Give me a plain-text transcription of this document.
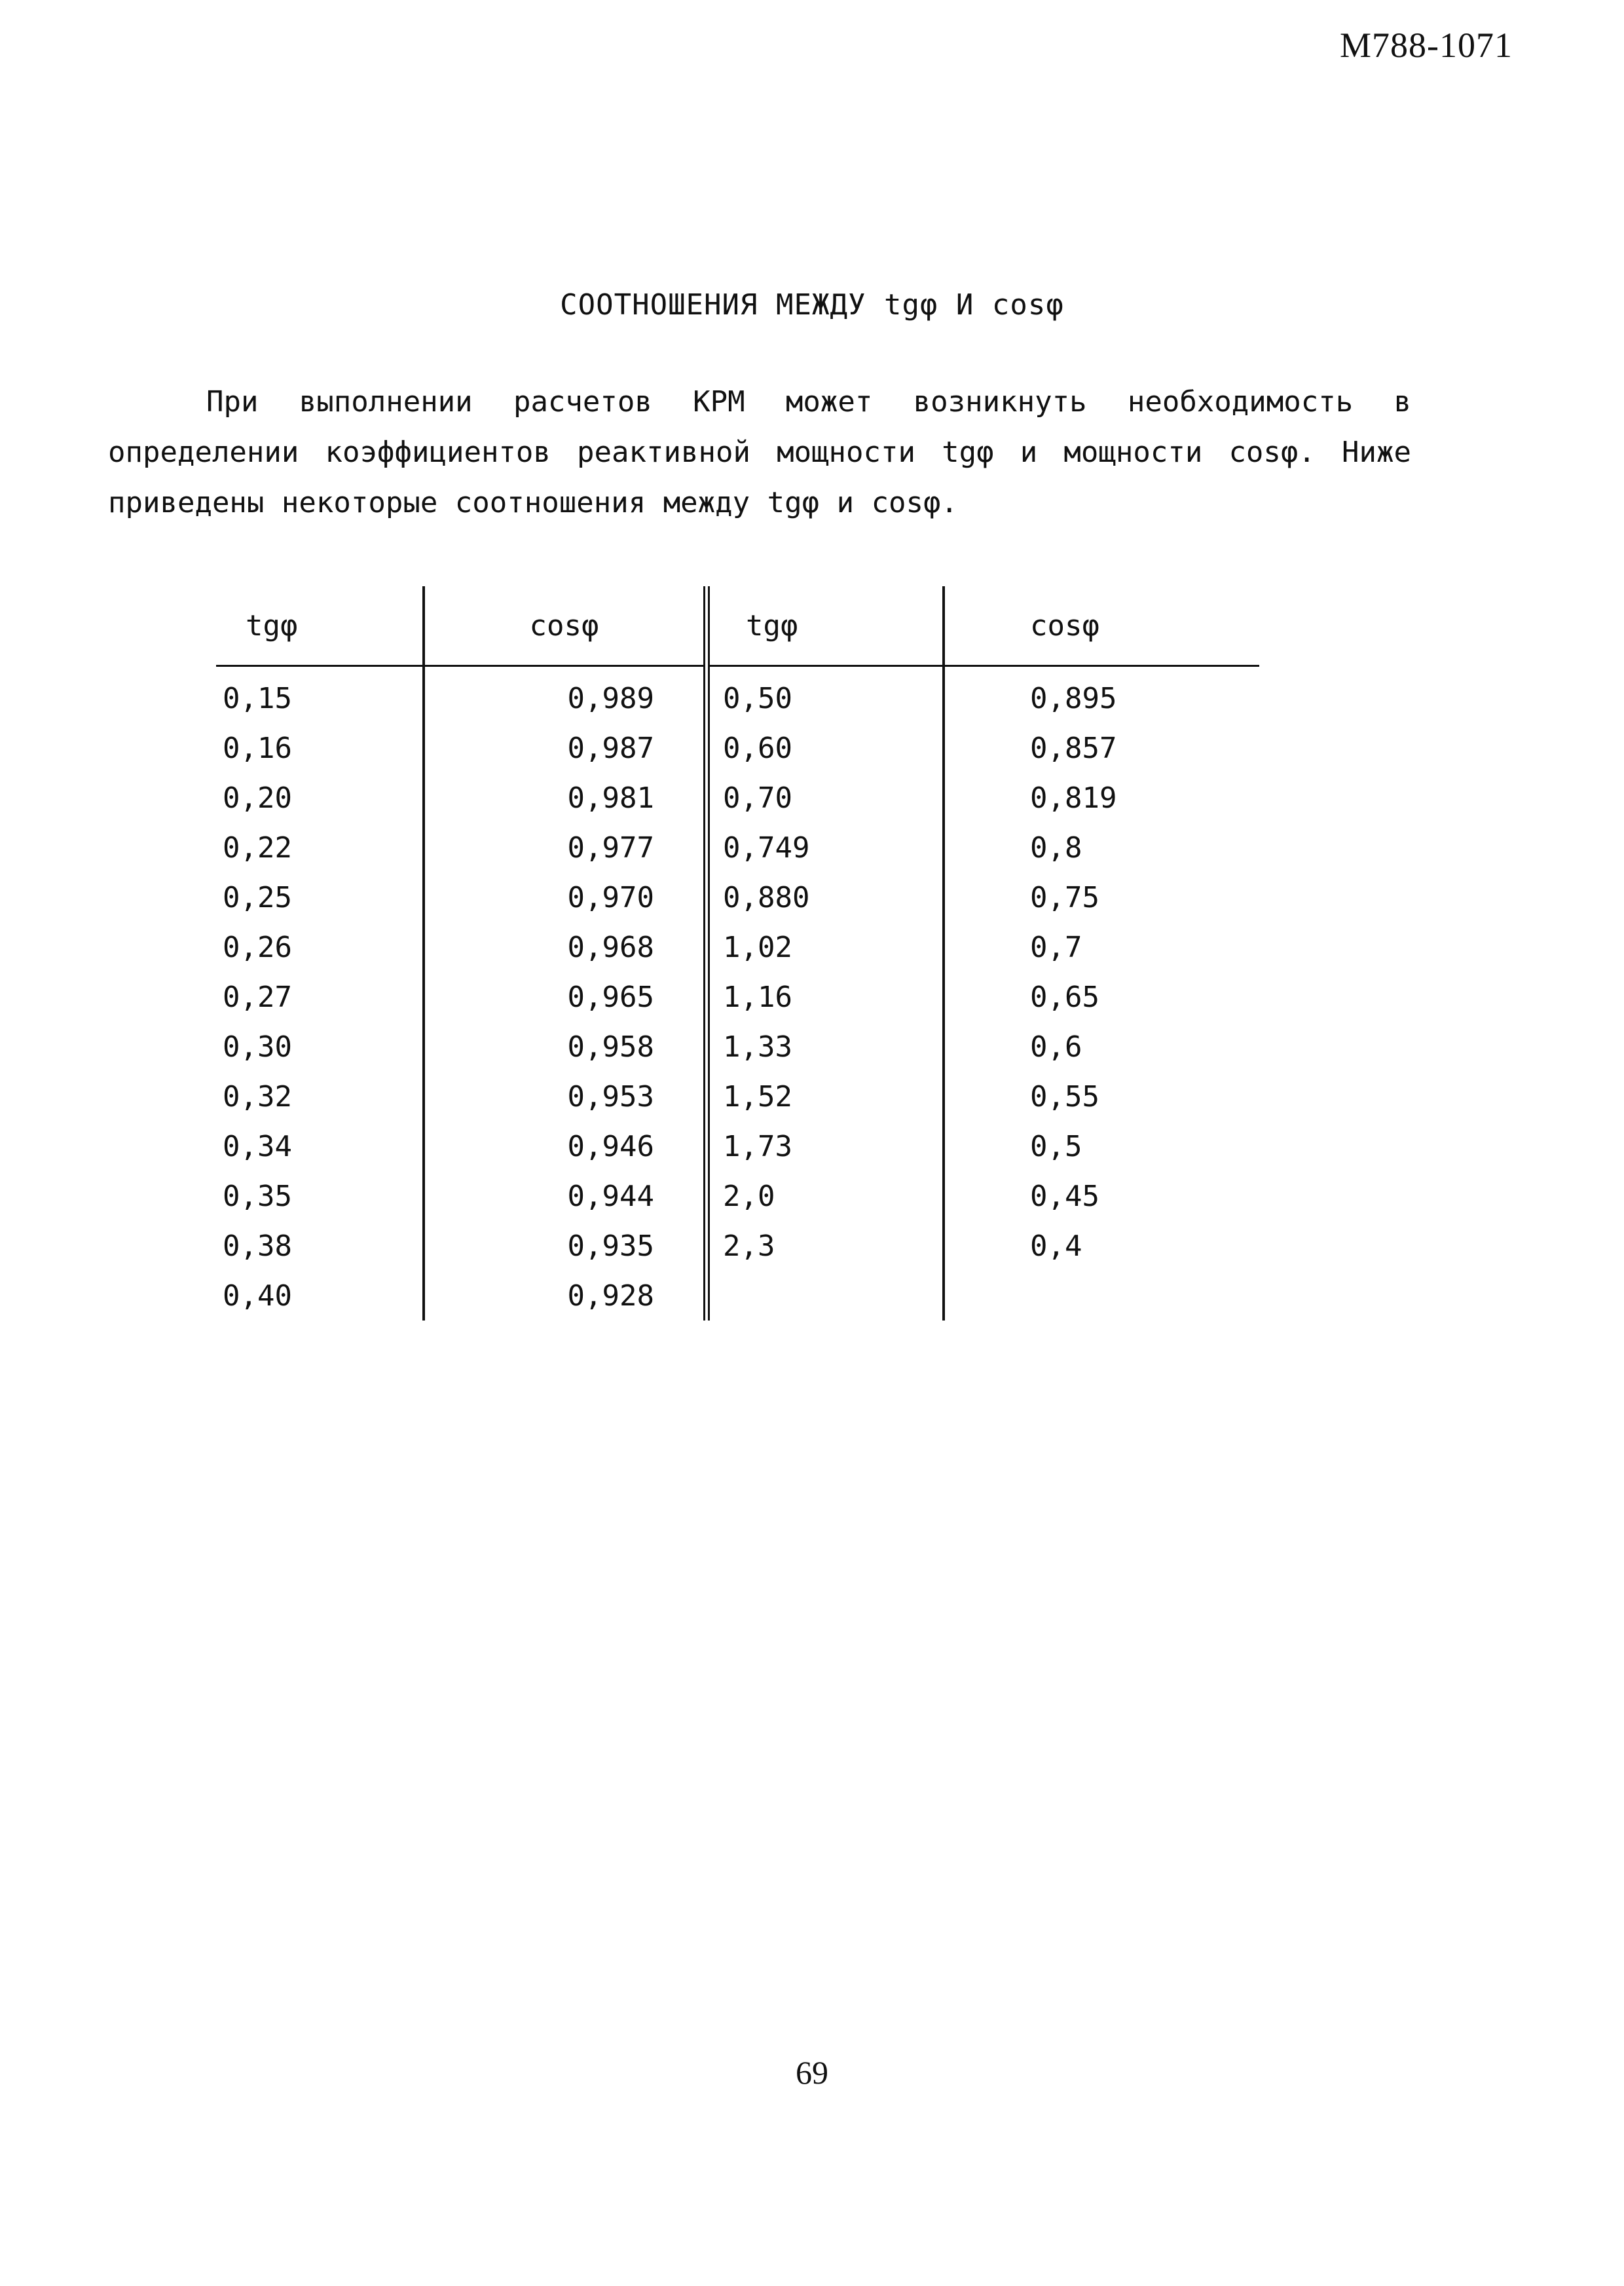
М788-1071
СООТНОШЕНИЯ МЕЖДУ tgφ И cosφ

При выполнении расчетов КРМ может возникнуть необходимость в определении коэффициентов реактивной мощности tgφ и мощности cosφ. Ниже приведены некоторые соотношения между tgφ и cosφ.

tgφ	cosφ	tgφ	cosφ
0,15	0,989	0,50	0,895
0,16	0,987	0,60	0,857
0,20	0,981	0,70	0,819
0,22	0,977	0,749	0,8
0,25	0,970	0,880	0,75
0,26	0,968	1,02	0,7
0,27	0,965	1,16	0,65
0,30	0,958	1,33	0,6
0,32	0,953	1,52	0,55
0,34	0,946	1,73	0,5
0,35	0,944	2,0	0,45
0,38	0,935	2,3	0,4
0,40	0,928		
69
